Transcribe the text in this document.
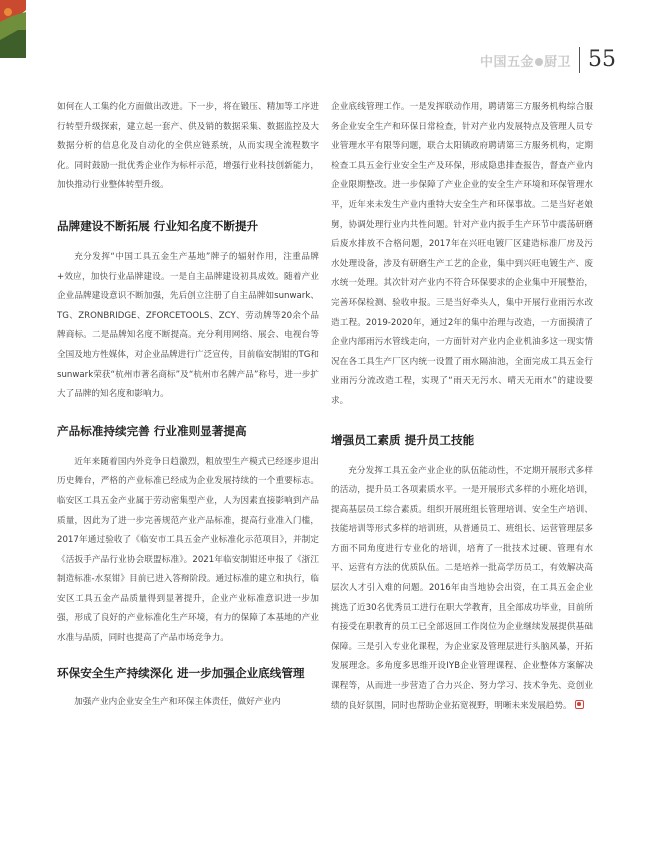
中国五金 厨卫 55

如何在人工集约化方面做出改进。下一步，将在锻压、精加等工序进行转型升级探索，建立起一套产、供及销的数据采集、数据监控及大数据分析的信息化及自动化的全供应链系统，从而实现全流程数字化。同时鼓励一批优秀企业作为标杆示范，增强行业科技创新能力，加快推动行业整体转型升级。

品牌建设不断拓展 行业知名度不断提升

充分发挥“中国工具五金生产基地”牌子的辐射作用，注重品牌+效应，加快行业品牌建设。一是自主品牌建设初具成效。随着产业企业品牌建设意识不断加强，先后创立注册了自主品牌如sunwark、TG、ZRONBRIDGE、ZFORCETOOLS、ZCY、劳动牌等20余个品牌商标。二是品牌知名度不断提高。充分利用网络、展会、电视台等全国及地方性媒体，对企业品牌进行广泛宣传，目前临安制钳的TG和sunwark荣获“杭州市著名商标”及“杭州市名牌产品”称号，进一步扩大了品牌的知名度和影响力。

产品标准持续完善 行业准则显著提高

近年来随着国内外竞争日趋激烈，粗放型生产模式已经逐步退出历史舞台，严格的产业标准已经成为企业发展持续的一个重要标志。临安区工具五金产业属于劳动密集型产业，人为因素直接影响到产品质量，因此为了进一步完善规范产业产品标准，提高行业准入门槛，2017年通过验收了《临安市工具五金产业标准化示范项目》，并制定《活扳手产品行业协会联盟标准》。2021年临安制钳还申报了《浙江制造标准-水泵钳》目前已进入答辩阶段。通过标准的建立和执行，临安区工具五金产品质量得到显著提升，企业产业标准意识进一步加强，形成了良好的产业标准化生产环境，有力的保障了本基地的产业水准与品质，同时也提高了产品市场竞争力。

环保安全生产持续深化 进一步加强企业底线管理

加强产业内企业安全生产和环保主体责任，做好产业内

企业底线管理工作。一是发挥联动作用，聘请第三方服务机构综合服务企业安全生产和环保日常检查，针对产业内发展特点及管理人员专业管理水平有限等问题，联合太阳镇政府聘请第三方服务机构，定期检查工具五金行业安全生产及环保，形成隐患排查报告，督查产业内企业限期整改。进一步保障了产业企业的安全生产环境和环保管理水平，近年来未发生产业内重特大安全生产和环保事故。二是当好老娘舅，协调处理行业内共性问题。针对产业内扳手生产环节中震荡研磨后废水排放不合格问题，2017年在兴旺电镀厂区建造标准厂房及污水处理设备，涉及有研磨生产工艺的企业，集中到兴旺电镀生产、废水统一处理。其次针对产业内不符合环保要求的企业集中开展整治，完善环保检测、验收申报。三是当好牵头人，集中开展行业雨污水改造工程。2019-2020年，通过2年的集中治理与改造，一方面摸清了企业内部雨污水管线走向，一方面针对产业内企业机油多这一现实情况在各工具生产厂区内统一设置了雨水隔油池，全面完成工具五金行业雨污分流改造工程，实现了“雨天无污水、晴天无雨水”的建设要求。

增强员工素质 提升员工技能

充分发挥工具五金产业企业的队伍能动性，不定期开展形式多样的活动，提升员工各项素质水平。一是开展形式多样的小班化培训，提高基层员工综合素质。组织开展班组长管理培训、安全生产培训、技能培训等形式多样的培训班，从普通员工、班组长、运营管理层多方面不同角度进行专业化的培训，培育了一批技术过硬、管理有水平、运营有方法的优质队伍。二是培养一批高学历员工，有效解决高层次人才引入难的问题。2016年由当地协会出资，在工具五金企业挑选了近30名优秀员工进行在职大学教育，且全部成功毕业，目前所有接受在职教育的员工已全部返回工作岗位为企业继续发展提供基础保障。三是引入专业化课程，为企业家及管理层进行头脑风暴，开拓发展理念。多角度多思维开设IYB企业管理课程、企业整体方案解决课程等，从而进一步营造了合力兴企、努力学习、技术争先、竞创业绩的良好氛围，同时也帮助企业拓宽视野，明晰未来发展趋势。
